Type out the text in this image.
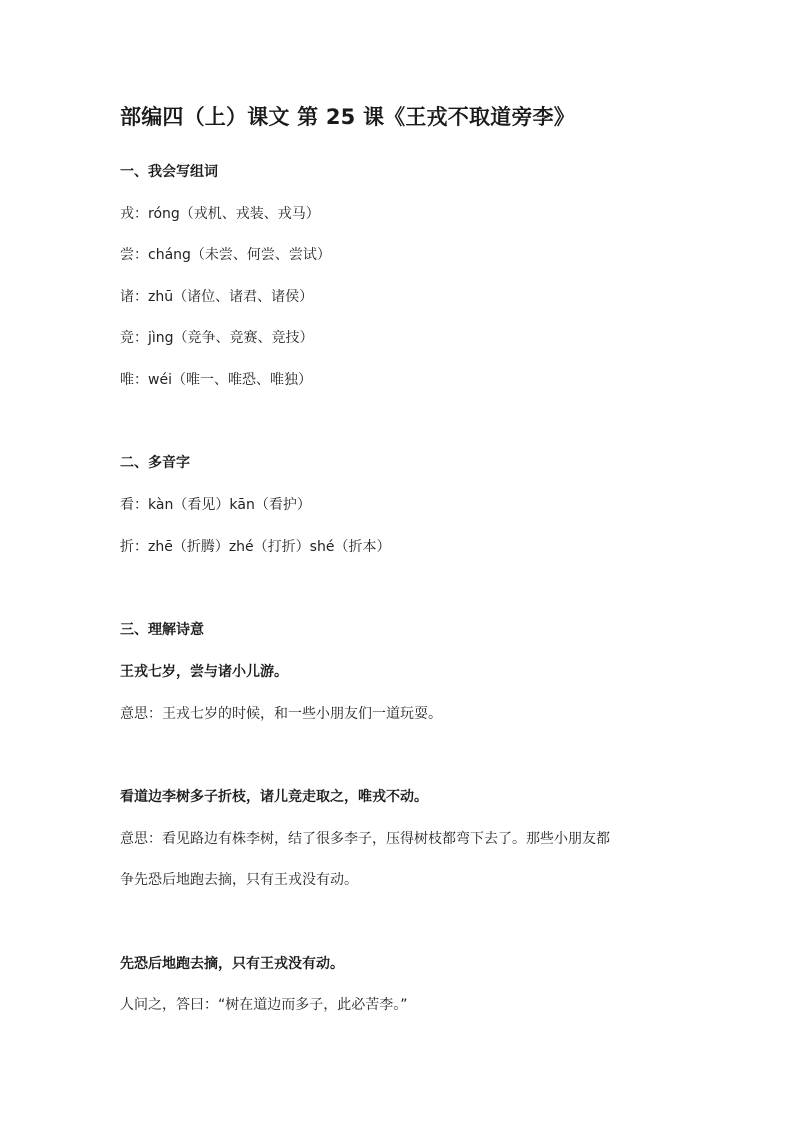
部编四（上）课文 第 25 课《王戎不取道旁李》

一、我会写组词

戎：róng（戎机、戎装、戎马）

尝：cháng（未尝、何尝、尝试）

诸：zhū（诸位、诸君、诸侯）

竞：jìng（竞争、竞赛、竞技）

唯：wéi（唯一、唯恐、唯独）

二、多音字

看：kàn（看见）kān（看护）

折：zhē（折腾）zhé（打折）shé（折本）

三、理解诗意

王戎七岁，尝与诸小儿游。

意思：王戎七岁的时候，和一些小朋友们一道玩耍。

看道边李树多子折枝，诸儿竞走取之，唯戎不动。

意思：看见路边有株李树，结了很多李子，压得树枝都弯下去了。那些小朋友都

争先恐后地跑去摘，只有王戎没有动。

先恐后地跑去摘，只有王戎没有动。

人问之，答曰：“树在道边而多子，此必苦李。”
